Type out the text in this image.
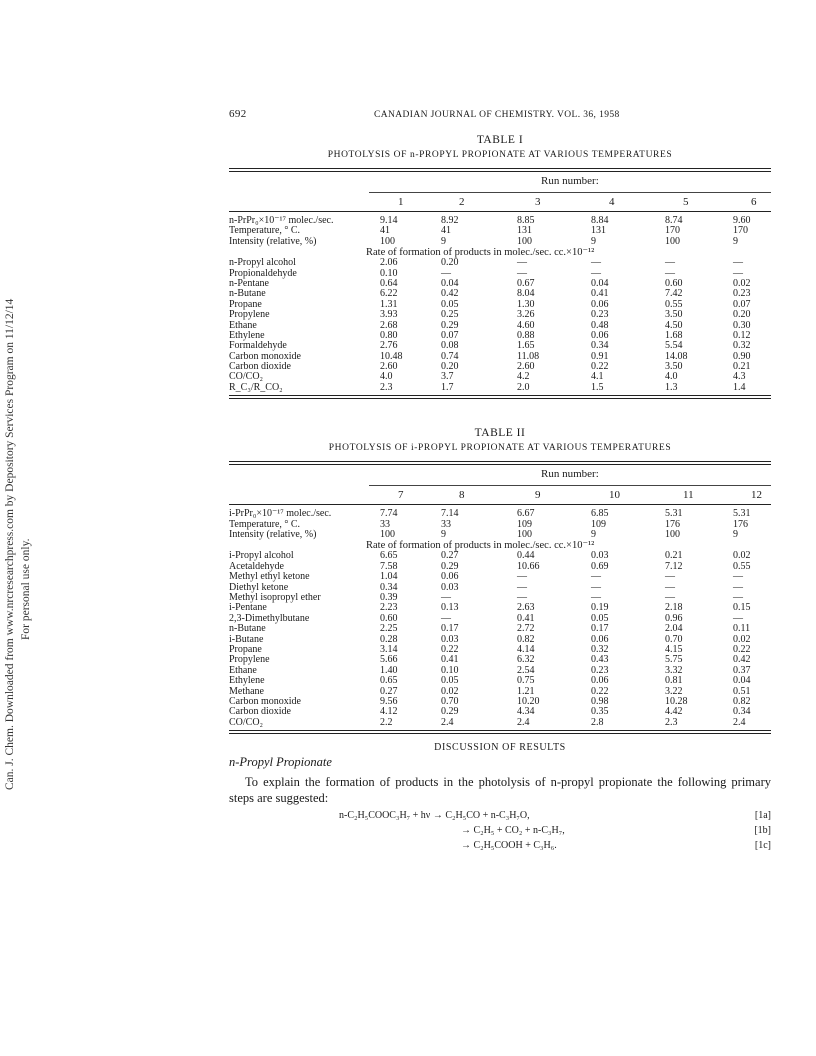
Can. J. Chem. Downloaded from www.nrcresearchpress.com by Depository Services Program on 11/12/14 For personal use only.
692	CANADIAN JOURNAL OF CHEMISTRY. VOL. 36, 1958
TABLE I
PHOTOLYSIS OF n-PROPYL PROPIONATE AT VARIOUS TEMPERATURES
Run number:
1	2	3	4	5	6
n-PrPr₀×10⁻¹⁷ molec./sec.	9.14	8.92	8.85	8.84	8.74	9.60
Temperature, ° C.	41	41	131	131	170	170
Intensity (relative, %)	100	9	100	9	100	9
Rate of formation of products in molec./sec. cc.×10⁻¹²
n-Propyl alcohol	2.06	0.20	—	—	—	—
Propionaldehyde	0.10	—	—	—	—	—
n-Pentane	0.64	0.04	0.67	0.04	0.60	0.02
n-Butane	6.22	0.42	8.04	0.41	7.42	0.23
Propane	1.31	0.05	1.30	0.06	0.55	0.07
Propylene	3.93	0.25	3.26	0.23	3.50	0.20
Ethane	2.68	0.29	4.60	0.48	4.50	0.30
Ethylene	0.80	0.07	0.88	0.06	1.68	0.12
Formaldehyde	2.76	0.08	1.65	0.34	5.54	0.32
Carbon monoxide	10.48	0.74	11.08	0.91	14.08	0.90
Carbon dioxide	2.60	0.20	2.60	0.22	3.50	0.21
CO/CO₂	4.0	3.7	4.2	4.1	4.0	4.3
R_C₃/R_CO₂	2.3	1.7	2.0	1.5	1.3	1.4
TABLE II
PHOTOLYSIS OF i-PROPYL PROPIONATE AT VARIOUS TEMPERATURES
Run number:
7	8	9	10	11	12
i-PrPr₀×10⁻¹⁷ molec./sec.	7.74	7.14	6.67	6.85	5.31	5.31
Temperature, ° C.	33	33	109	109	176	176
Intensity (relative, %)	100	9	100	9	100	9
Rate of formation of products in molec./sec. cc.×10⁻¹²
i-Propyl alcohol	6.65	0.27	0.44	0.03	0.21	0.02
Acetaldehyde	7.58	0.29	10.66	0.69	7.12	0.55
Methyl ethyl ketone	1.04	0.06	—	—	—	—
Diethyl ketone	0.34	0.03	—	—	—	—
Methyl isopropyl ether	0.39	—	—	—	—	—
i-Pentane	2.23	0.13	2.63	0.19	2.18	0.15
2,3-Dimethylbutane	0.60	—	0.41	0.05	0.96	—
n-Butane	2.25	0.17	2.72	0.17	2.04	0.11
i-Butane	0.28	0.03	0.82	0.06	0.70	0.02
Propane	3.14	0.22	4.14	0.32	4.15	0.22
Propylene	5.66	0.41	6.32	0.43	5.75	0.42
Ethane	1.40	0.10	2.54	0.23	3.32	0.37
Ethylene	0.65	0.05	0.75	0.06	0.81	0.04
Methane	0.27	0.02	1.21	0.22	3.22	0.51
Carbon monoxide	9.56	0.70	10.20	0.98	10.28	0.82
Carbon dioxide	4.12	0.29	4.34	0.35	4.42	0.34
CO/CO₂	2.2	2.4	2.4	2.8	2.3	2.4
DISCUSSION OF RESULTS
n-Propyl Propionate
To explain the formation of products in the photolysis of n-propyl propionate the following primary steps are suggested:
n-C₂H₅COOC₃H₇ + hν → C₂H₅CO + n-C₃H₇O,	[1a]
→ C₂H₅ + CO₂ + n-C₃H₇,	[1b]
→ C₂H₅COOH + C₃H₆.	[1c]
